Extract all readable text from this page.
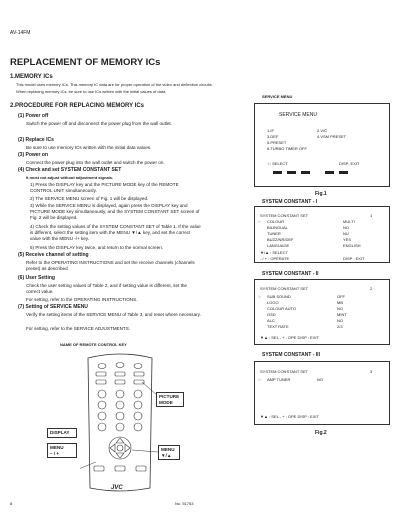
AV-14FM
REPLACEMENT OF MEMORY ICs
1.MEMORY ICs
This model uses memory ICs. This memory IC data are for proper operation of the video and deflection circuits.
When replacing memory ICs, be sure to use ICs written with the initial values of data.
2.PROCEDURE FOR REPLACING MEMORY ICs
(1) Power off
Switch the power off and disconnect the power plug from the wall outlet.
(2) Replace ICs
Be sure to use memory ICs written with the initial data values.
(3) Power on
Connect the power plug into the wall outlet and switch the power on.
(4) Check and set SYSTEM CONSTANT SET
It must not adjust without adjustment signals.
1) Press the DISPLAY key and the PICTURE MODE key of the REMOTE CONTROL UNIT simultaneously.
2) The SERVICE MENU screen of Fig. 1 will be displayed.
3) While the SERVICE MENU is displayed, again press the DISPLAY key and PICTURE MODE key simultaneously, and the SYSTEM CONSTANT SET screen of Fig. 2 will be displayed.
4) Check the setting values of the SYSTEM CONSTANT SET of Table 1. If the value is different, select the setting item with the MENU ▼/▲ key, and set the correct value with the MENU -/+ key.
5) Press the DISPLAY key twice, and return to the normal screen.
(5) Receive channel of setting
Refer to the OPERATING INSTRUCTIONS and set the receive channels (channels preset) as described
(6) User Setting
Check the user setting values of Table 2, and if setting value is different, set the correct value.
For setting, refer to the OPERATING INSTRUCTIONS.
(7) Setting of SERVICE MENU
Verify the setting items of the SERVICE MENU of Table 3, and reset where necessary.
For setting, refer to the SERVICE ADJUSTMENTS.
SERVICE MENU
SERVICE MENU
1.IF	2.V/C
3.DEF	4.VSM PRESET
5.PRESET
6.TURBO TIMER OFF
↑↓ SELECT	DISP: EXIT
Fig.1
SYSTEM CONSTANT - I
SYSTEM CONSTANT SET	1
☞ COLOUR	MULTI
BILINGUAL	NO
TUNER	NU
BUZZ/NR/DEF	YES
LANGUAGE	ENGLISH
▼/▲ : SELECT
- / + : OPERATE	DISP : EXIT
SYSTEM CONSTANT - II
SYSTEM CONSTANT SET	2
☞ SUB SOUND	OFF
LOGO	MB
COLOUR AUTO	NO
OSD	MINT
ALC	NO
TEXT RATE	2/3
▼▲ : SEL - + : OPE DISP : EXIT
SYSTEM CONSTANT - III
SYSTEM CONSTANT SET	3
☞ AMP TUNER	NO
▼▲ : SEL - + : OPE DISP : EXIT
Fig.2
NAME OF REMOTE CONTROL KEY
JVC
PICTURE MODE
DISPLAY
MENU
– / +
MENU
▼/▲
8	No. 51753
